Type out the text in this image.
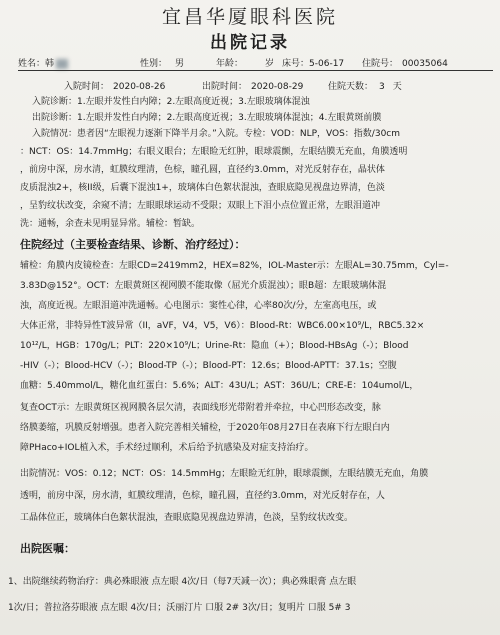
宜昌华厦眼科医院
出院记录
姓名：韩	性别： 男	年龄： 岁 床号：5-06-17 住院号： 00035064
入院时间： 2020-08-26	出院时间： 2020-08-29	住院天数： 3 天
入院诊断：1.左眼并发性白内障；2.左眼高度近视；3.左眼玻璃体混浊
出院诊断：1.左眼并发性白内障；2.左眼高度近视；3.左眼玻璃体混浊；4.左眼黄斑前膜
入院情况：患者因“左眼视力逐渐下降半月余。”入院。专检：VOD：NLP，VOS：指数/30cm
：NCT：OS：14.7mmHg；右眼义眼台；左眼睑无红肿，眼球震颤，左眼结膜无充血，角膜透明
，前房中深，房水清，虹膜纹理清，色棕，瞳孔圆，直径约3.0mm，对光反射存在，晶状体
皮质混浊2+，核II级，后囊下混浊1+，玻璃体白色絮状混浊，查眼底隐见视盘边界清，色淡
，呈豹纹状改变，余窥不清；左眼眼球运动不受限；双眼上下泪小点位置正常，左眼泪道冲
洗：通畅，余查未见明显异常。辅检：暂缺。
住院经过（主要检查结果、诊断、治疗经过）：
辅检：角膜内皮镜检查：左眼CD=2419mm2，HEX=82%，IOL-Master示：左眼AL=30.75mm，Cyl=-
3.83D@152°。OCT：左眼黄斑区视网膜不能取像（屈光介质混浊）；眼B超：左眼玻璃体混
浊，高度近视。左眼泪道冲洗通畅。心电图示：窦性心律，心率80次/分，左室高电压，或
大体正常，非特异性T波异常（II，aVF，V4，V5，V6）：Blood-Rt：WBC6.00×10⁹/L，RBC5.32×
10¹²/L，HGB：170g/L；PLT：220×10⁹/L；Urine-Rt：隐血（+）；Blood-HBsAg（-）；Blood
-HIV（-）；Blood-HCV（-）；Blood-TP（-）；Blood-PT：12.6s；Blood-APTT：37.1s；空腹
血糖：5.40mmol/L，糖化血红蛋白：5.6%；ALT：43U/L；AST：36U/L；CRE-E：104umol/L，
复查OCT示：左眼黄斑区视网膜各层欠清，表面线形光带附着并牵拉，中心凹形态改变，脉
络膜萎缩，巩膜反射增强。患者入院完善相关辅检，于2020年08月27日在表麻下行左眼白内
障PHaco+IOL植入术，手术经过顺利，术后给予抗感染及对症支持治疗。
出院情况：VOS：0.12；NCT：OS：14.5mmHg；左眼睑无红肿，眼球震颤，左眼结膜无充血，角膜
透明，前房中深，房水清，虹膜纹理清，色棕，瞳孔圆，直径约3.0mm，对光反射存在，人
工晶体位正，玻璃体白色絮状混浊，查眼底隐见视盘边界清，色淡，呈豹纹状改变。
出院医嘱：
1、出院继续药物治疗：典必殊眼液 点左眼 4次/日（每7天减一次）；典必殊眼膏 点左眼
1次/日；普拉洛芬眼液 点左眼 4次/日；沃丽汀片 口服 2# 3次/日；复明片 口服 5# 3
